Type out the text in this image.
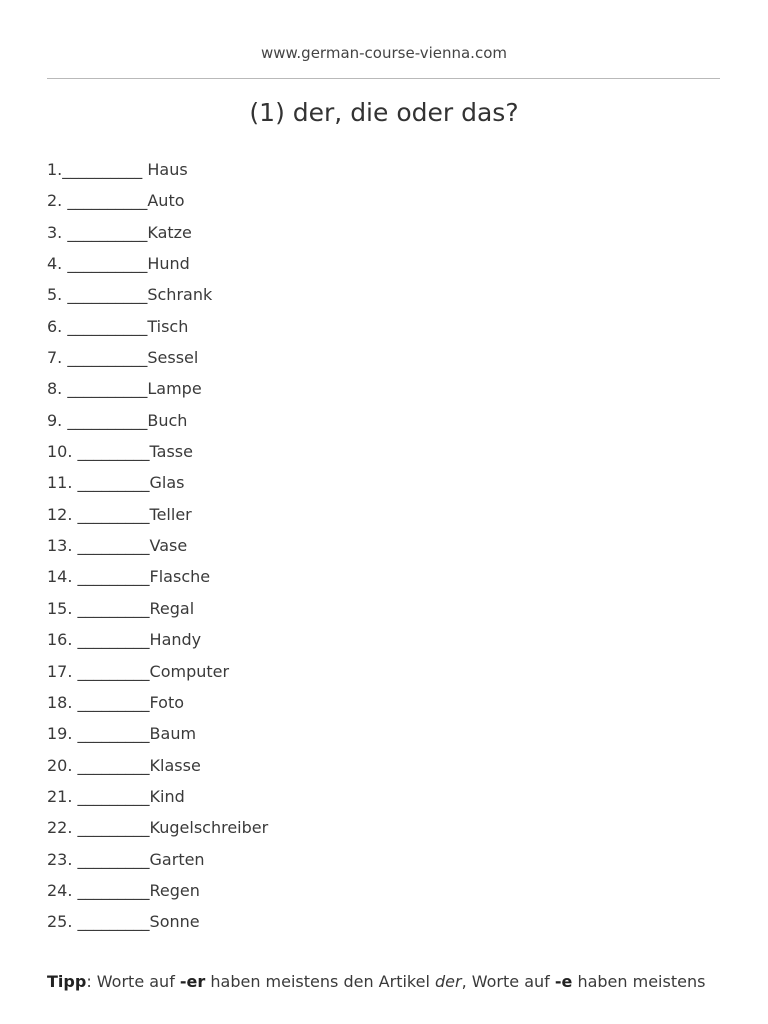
www.german-course-vienna.com
(1) der, die oder das?
1.__________ Haus
2. __________Auto
3. __________Katze
4. __________Hund
5. __________Schrank
6. __________Tisch
7. __________Sessel
8. __________Lampe
9. __________Buch
10. _________Tasse
11. _________Glas
12. _________Teller
13. _________Vase
14. _________Flasche
15. _________Regal
16. _________Handy
17. _________Computer
18. _________Foto
19. _________Baum
20. _________Klasse
21. _________Kind
22. _________Kugelschreiber
23. _________Garten
24. _________Regen
25. _________Sonne
Tipp: Worte auf -er haben meistens den Artikel der, Worte auf -e haben meistens
